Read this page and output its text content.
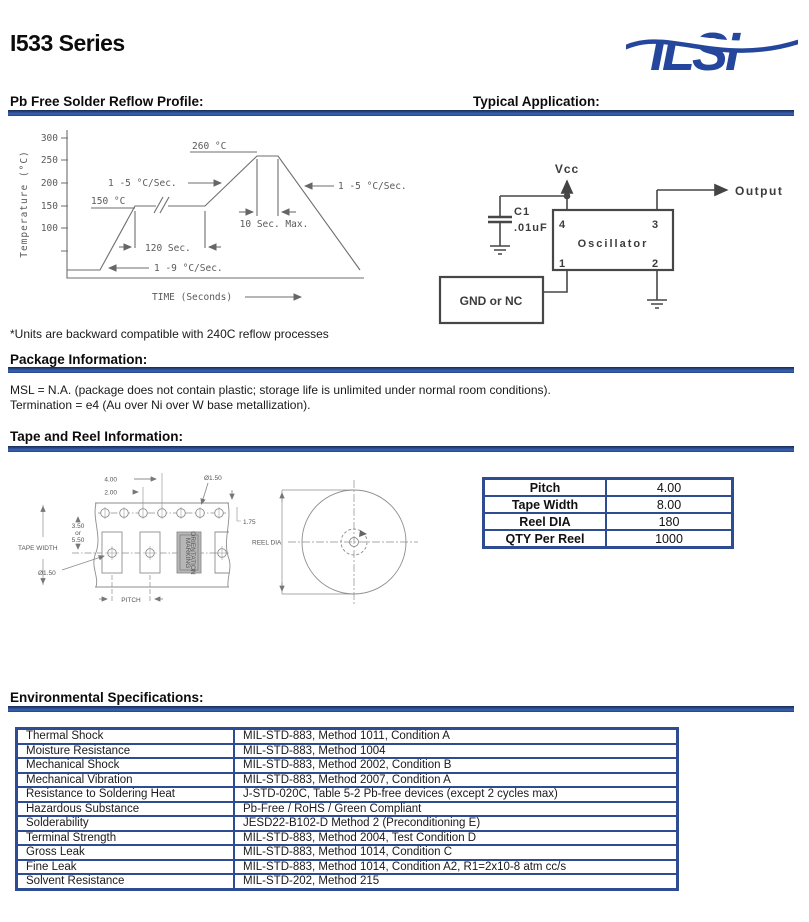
I533 Series	ILSI
Pb Free Solder Reflow Profile:	Typical Application:
300
250
200
150
100
Temperature (°C)
260 °C
1 -5 °C/Sec.
150 °C
1 -5 °C/Sec.
120 Sec.
10 Sec. Max.
1 -9 °C/Sec.
TIME (Seconds)
Vcc
C1
.01uF 4	3
1	2
Oscillator
Output
GND or NC
*Units are backward compatible with 240C reflow processes
Package Information:
MSL = N.A. (package does not contain plastic; storage life is unlimited under normal room conditions).
Termination = e4 (Au over Ni over W base metallization).
Tape and Reel Information:
4.00
2.00
Ø1.50
1.75
3.50
or
5.50
TAPE WIDTH
Ø1.50
PITCH
REEL DIA
MARKING
ORIENTATION
Pitch	4.00
Tape Width	8.00
Reel DIA	180
QTY Per Reel	1000
Environmental Specifications:
Thermal Shock	MIL-STD-883, Method 1011, Condition A
Moisture Resistance	MIL-STD-883, Method 1004
Mechanical Shock	MIL-STD-883, Method 2002, Condition B
Mechanical Vibration	MIL-STD-883, Method 2007, Condition A
Resistance to Soldering Heat	J-STD-020C, Table 5-2 Pb-free devices (except 2 cycles max)
Hazardous Substance	Pb-Free / RoHS / Green Compliant
Solderability	JESD22-B102-D Method 2 (Preconditioning E)
Terminal Strength	MIL-STD-883, Method 2004, Test Condition D
Gross Leak	MIL-STD-883, Method 1014, Condition C
Fine Leak	MIL-STD-883, Method 1014, Condition A2, R1=2x10-8 atm cc/s
Solvent Resistance	MIL-STD-202, Method 215
